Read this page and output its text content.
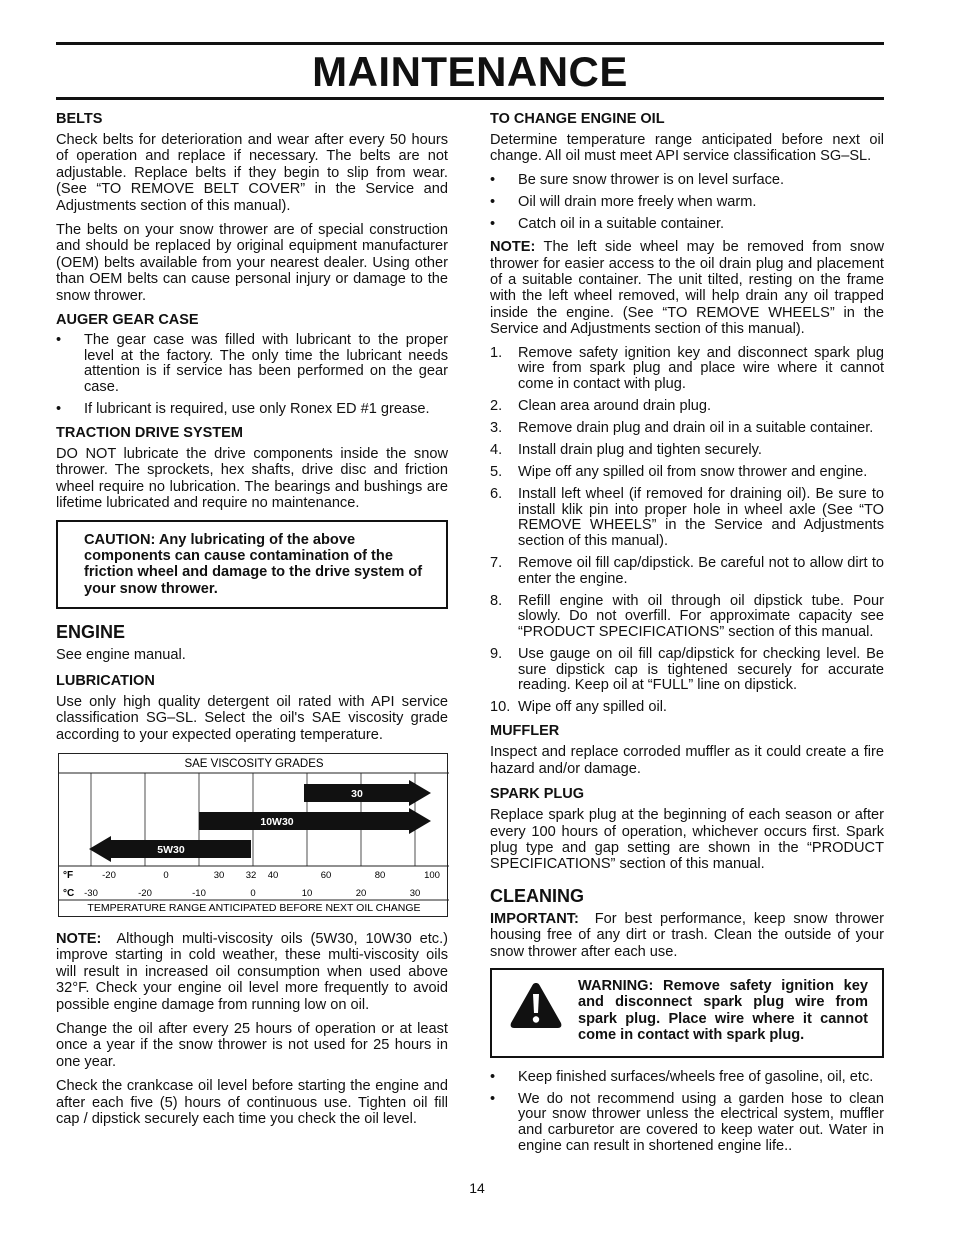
MAINTENANCE
BELTS

Check belts for deterioration and wear after every 50 hours of operation and replace if necessary. The belts are not adjustable. Replace belts if they begin to slip from wear. (See “TO REMOVE BELT COVER” in the Service and Adjustments section of this manual).

The belts on your snow thrower are of special construction and should be replaced by original equipment manufacturer (OEM) belts available from your nearest dealer. Using other than OEM belts can cause personal injury or damage to the snow thrower.

AUGER GEAR CASE
• The gear case was filled with lubricant to the proper level at the factory. The only time the lubricant needs attention is if service has been performed on the gear case.
• If lubricant is required, use only Ronex ED #1 grease.
TRACTION DRIVE SYSTEM

DO NOT lubricate the drive components inside the snow thrower. The sprockets, hex shafts, drive disc and friction wheel require no lubrication. The bearings and bushings are lifetime lubricated and require no maintenance.

CAUTION: Any lubricating of the above components can cause contamination of the friction wheel and damage to the drive system of your snow thrower.

ENGINE

See engine manual.

LUBRICATION

Use only high quality detergent oil rated with API service classification SG–SL. Select the oil's SAE viscosity grade according to your expected operating temperature.

SAE VISCOSITY GRADES
30
10W30
5W30
°F	-20	0	30 32 40	60	80	100
°C -30	-20	-10	0	10	20	30
TEMPERATURE RANGE ANTICIPATED BEFORE NEXT OIL CHANGE

NOTE: Although multi-viscosity oils (5W30, 10W30 etc.) improve starting in cold weather, these multi-viscosity oils will result in increased oil consumption when used above 32°F. Check your engine oil level more frequently to avoid possible engine damage from running low on oil.

Change the oil after every 25 hours of operation or at least once a year if the snow thrower is not used for 25 hours in one year.

Check the crankcase oil level before starting the engine and after each five (5) hours of continuous use. Tighten oil fill cap / dipstick securely each time you check the oil level.

TO CHANGE ENGINE OIL

Determine temperature range anticipated before next oil change. All oil must meet API service classification SG–SL.

• Be sure snow thrower is on level surface.
• Oil will drain more freely when warm.
• Catch oil in a suitable container.

NOTE: The left side wheel may be removed from snow thrower for easier access to the oil drain plug and placement of a suitable container. The unit tilted, resting on the frame with the left wheel removed, will help drain any oil trapped inside the engine. (See “TO REMOVE WHEELS” in the Service and Adjustments section of this manual).

1. Remove safety ignition key and disconnect spark plug wire from spark plug and place wire where it cannot come in contact with plug.
2. Clean area around drain plug.
3. Remove drain plug and drain oil in a suitable container.
4. Install drain plug and tighten securely.
5. Wipe off any spilled oil from snow thrower and engine.
6. Install left wheel (if removed for draining oil). Be sure to install klik pin into proper hole in wheel axle (See “TO REMOVE WHEELS” in the Service and Adjustments section of this manual).
7. Remove oil fill cap/dipstick. Be careful not to allow dirt to enter the engine.
8. Refill engine with oil through oil dipstick tube. Pour slowly. Do not overfill. For approximate capacity see “PRODUCT SPECIFICATIONS” section of this manual.
9. Use gauge on oil fill cap/dipstick for checking level. Be sure dipstick cap is tightened securely for accurate reading. Keep oil at “FULL” line on dipstick.
10. Wipe off any spilled oil.
MUFFLER

Inspect and replace corroded muffler as it could create a fire hazard and/or damage.

SPARK PLUG

Replace spark plug at the beginning of each season or after every 100 hours of operation, whichever occurs first. Spark plug type and gap setting are shown in the “PRODUCT SPECIFICATIONS” section of this manual.

CLEANING

IMPORTANT: For best performance, keep snow thrower housing free of any dirt or trash. Clean the outside of your snow thrower after each use.

WARNING: Remove safety ignition key and disconnect spark plug wire from spark plug. Place wire where it cannot come in contact with spark plug.

• Keep finished surfaces/wheels free of gasoline, oil, etc.
• We do not recommend using a garden hose to clean your snow thrower unless the electrical system, muffler and carburetor are covered to keep water out. Water in engine can result in shortened engine life..
14
